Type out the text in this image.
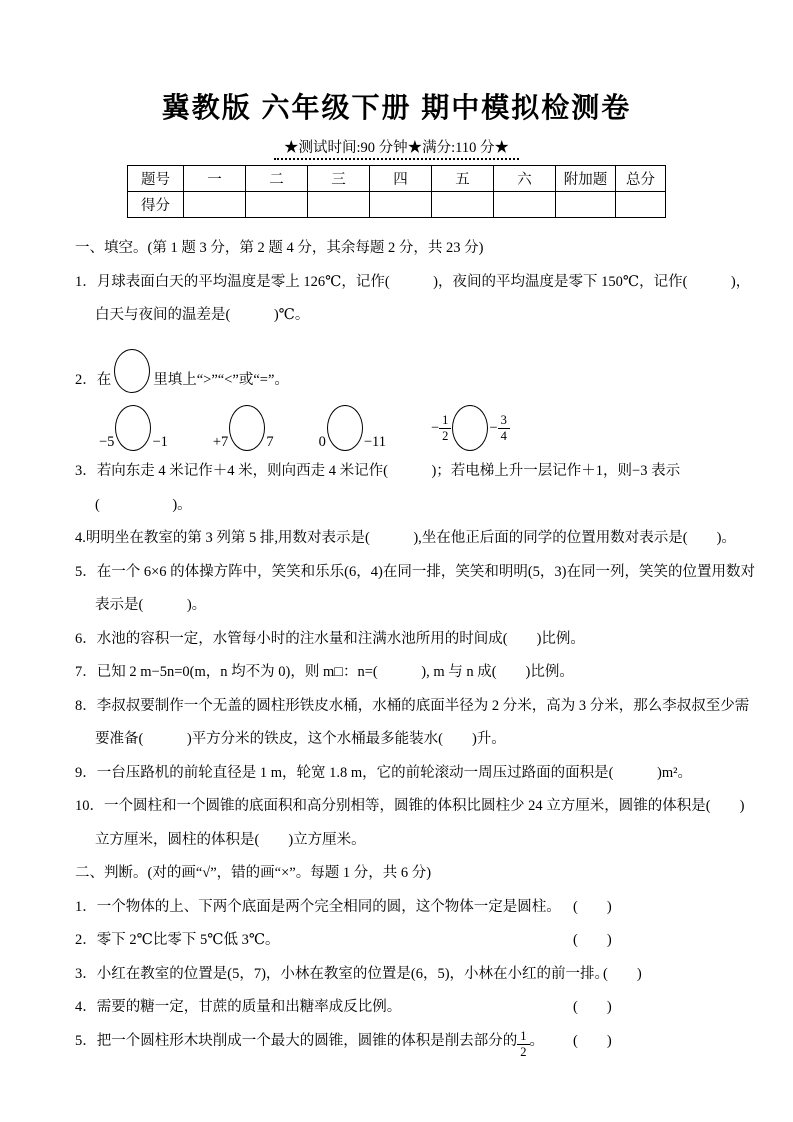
冀教版 六年级下册 期中模拟检测卷
★测试时间:90 分钟★满分:110 分★
题号	一	二	三	四	五	六	附加题	总分
得分								

一、填空。(第 1 题 3 分，第 2 题 4 分，其余每题 2 分，共 23 分)

1．月球表面白天的平均温度是零上 126℃，记作(　　　)，夜间的平均温度是零下 150℃，记作(　　　)，

白天与夜间的温差是(　　　)℃。

2．在	里填上“>”“<”或“=”。

−5	−1	+7	7	0	−11
− $\frac{1}{2}$	− $\frac{3}{4}$

3．若向东走 4 米记作＋4 米，则向西走 4 米记作(　　　)；若电梯上升一层记作＋1，则−3 表示

(　　　　　)。

4.明明坐在教室的第 3 列第 5 排,用数对表示是(　　　),坐在他正后面的同学的位置用数对表示是(　　)。

5．在一个 6×6 的体操方阵中，笑笑和乐乐(6，4)在同一排，笑笑和明明(5，3)在同一列，笑笑的位置用数对

表示是(　　　)。

6．水池的容积一定，水管每小时的注水量和注满水池所用的时间成(　　)比例。

7．已知 2 m−5n=0(m，n 均不为 0)，则 m□：n=(　　　), m 与 n 成(　　)比例。

8．李叔叔要制作一个无盖的圆柱形铁皮水桶，水桶的底面半径为 2 分米，高为 3 分米，那么李叔叔至少需

要准备(　　　)平方分米的铁皮，这个水桶最多能装水(　　)升。

9．一台压路机的前轮直径是 1 m，轮宽 1.8 m，它的前轮滚动一周压过路面的面积是(　　　)m²。

10．一个圆柱和一个圆锥的底面积和高分别相等，圆锥的体积比圆柱少 24 立方厘米，圆锥的体积是(　　)

立方厘米，圆柱的体积是(　　)立方厘米。

二、判断。(对的画“√”，错的画“×”。每题 1 分，共 6 分)

1．一个物体的上、下两个底面是两个完全相同的圆，这个物体一定是圆柱。 (　　)

2．零下 2℃比零下 5℃低 3℃。	(　　)

3．小红在教室的位置是(5，7)，小林在教室的位置是(6，5)，小林在小红的前一排。
(　　)

4．需要的糖一定，甘蔗的质量和出糖率成反比例。	(　　)

5．把一个圆柱形木块削成一个最大的圆锥，圆锥的体积是削去部分的 $\frac{1}{2}$ 。 (　　)
